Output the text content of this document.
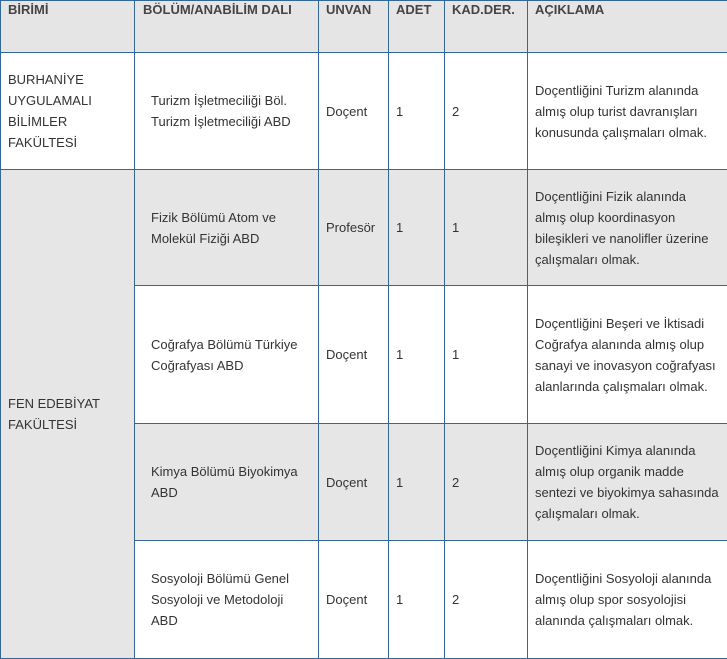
BİRİMİ	BÖLÜM/ANABİLİM DALI	UNVAN	ADET	KAD.DER.	AÇIKLAMA
BURHANİYE UYGULAMALI BİLİMLER FAKÜLTESİ	Turizm İşletmeciliği Böl. Turizm İşletmeciliği ABD	Doçent	1	2	Doçentliğini Turizm alanında almış olup turist davranışları konusunda çalışmaları olmak.
FEN EDEBİYAT FAKÜLTESİ	Fizik Bölümü Atom ve Molekül Fiziği ABD	Profesör	1	1	Doçentliğini Fizik alanında almış olup koordinasyon bileşikleri ve nanolifler üzerine çalışmaları olmak.
	Coğrafya Bölümü Türkiye Coğrafyası ABD	Doçent	1	1	Doçentliğini Beşeri ve İktisadi Coğrafya alanında almış olup sanayi ve inovasyon coğrafyası alanlarında çalışmaları olmak.
	Kimya Bölümü Biyokimya ABD	Doçent	1	2	Doçentliğini Kimya alanında almış olup organik madde sentezi ve biyokimya sahasında çalışmaları olmak.
	Sosyoloji Bölümü Genel Sosyoloji ve Metodoloji ABD	Doçent	1	2	Doçentliğini Sosyoloji alanında almış olup spor sosyolojisi alanında çalışmaları olmak.
